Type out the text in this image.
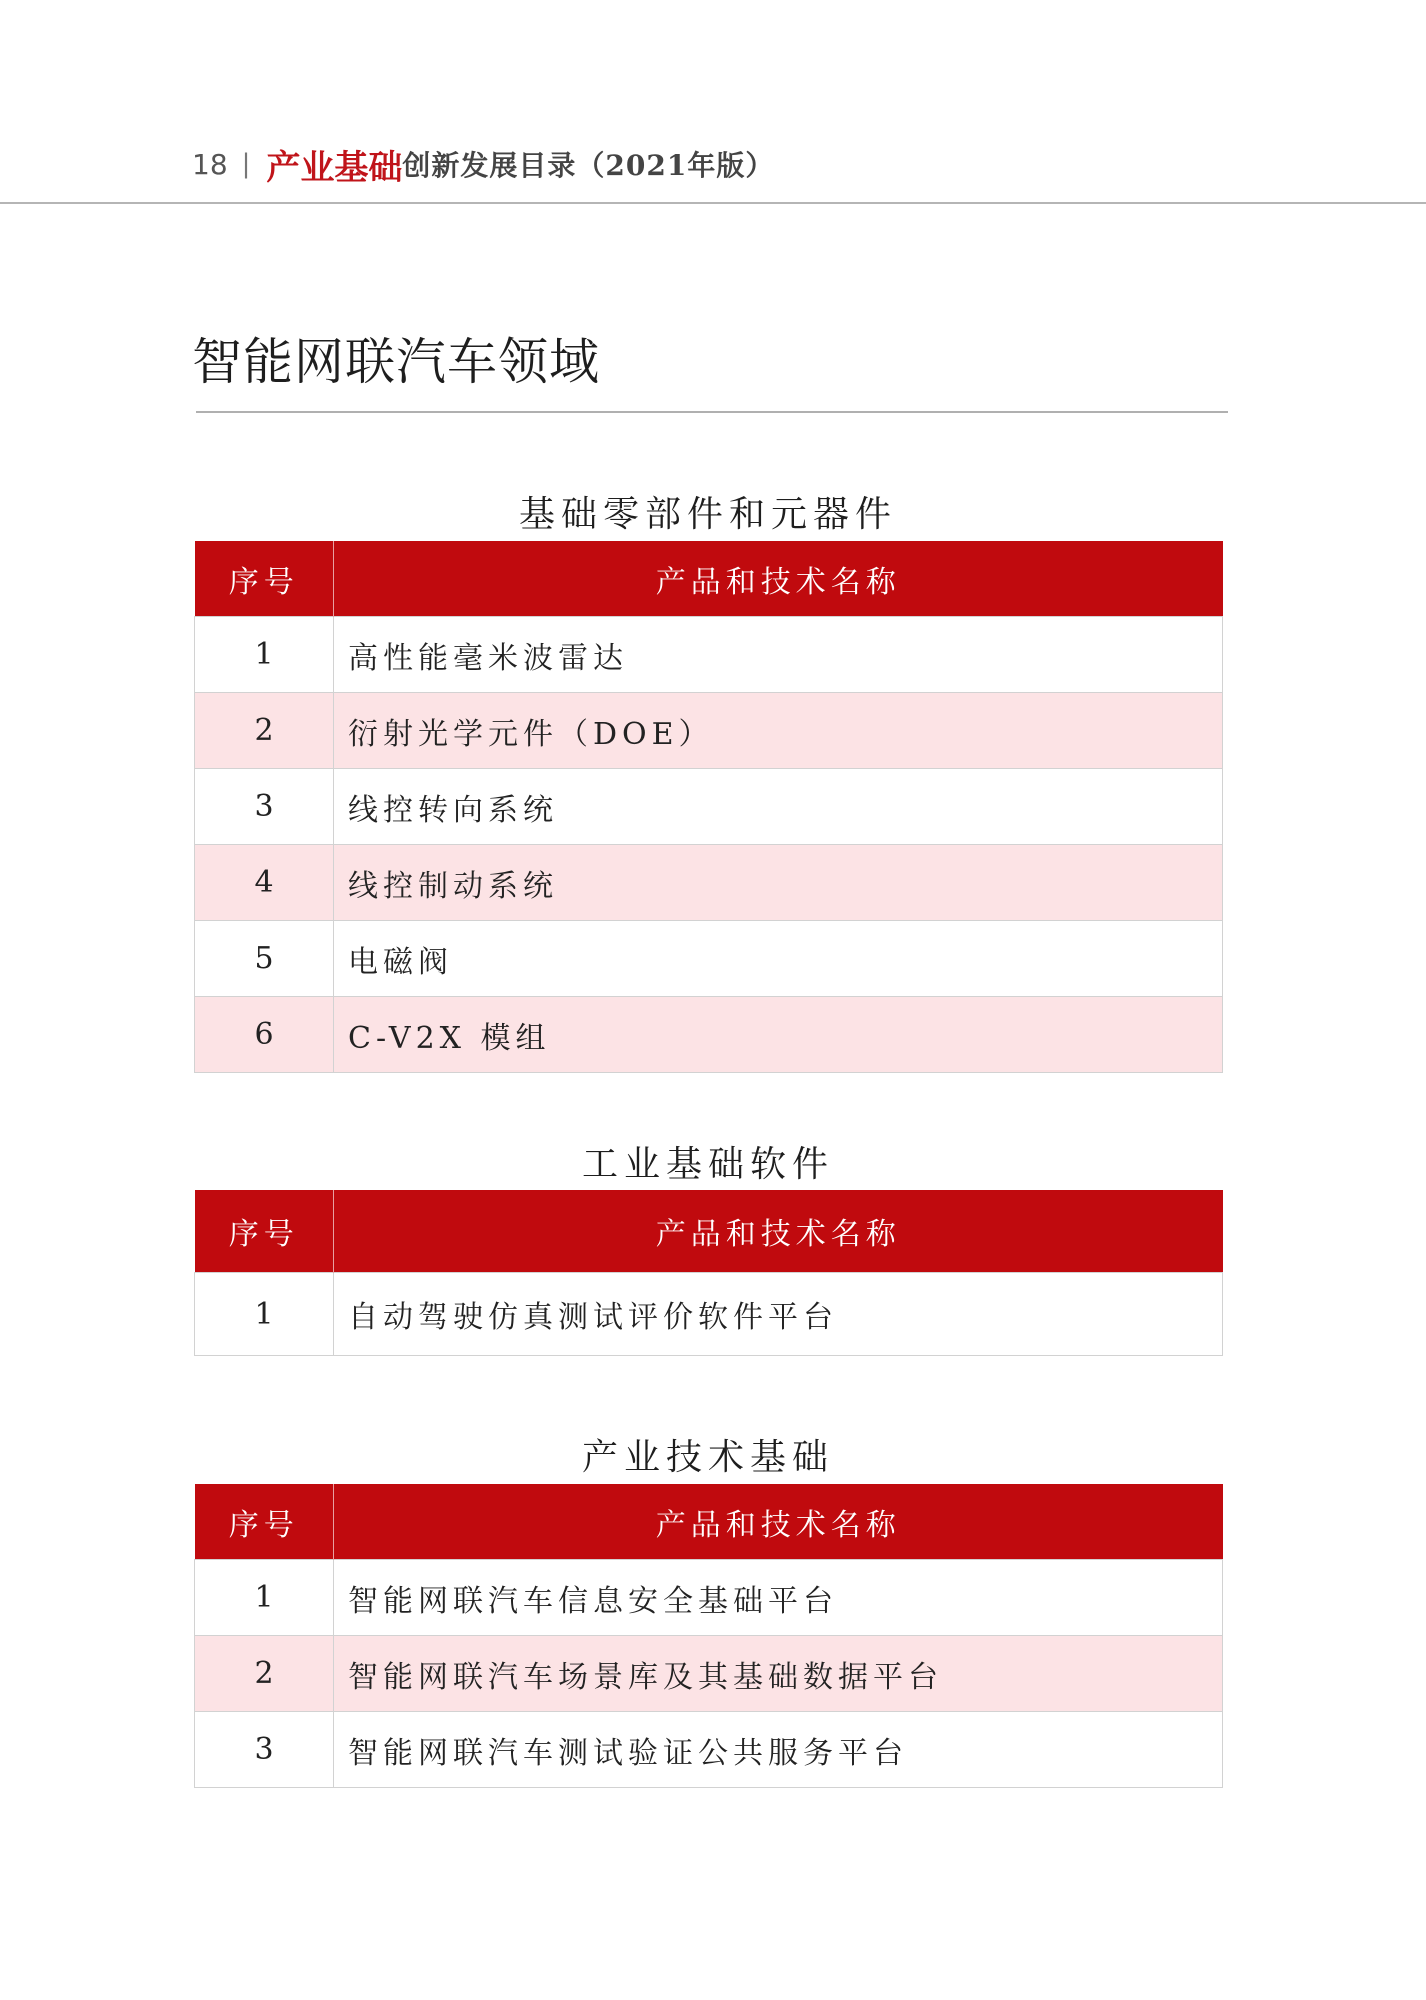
18 | 产业基础 创新发展目录（2021年版）
智能网联汽车领域
基础零部件和元器件
序号	产品和技术名称
1	高性能毫米波雷达
2	衍射光学元件（DOE）
3	线控转向系统
4	线控制动系统
5	电磁阀
6	C-V2X 模组
工业基础软件
序号	产品和技术名称
1	自动驾驶仿真测试评价软件平台
产业技术基础
序号	产品和技术名称
1	智能网联汽车信息安全基础平台
2	智能网联汽车场景库及其基础数据平台
3	智能网联汽车测试验证公共服务平台
